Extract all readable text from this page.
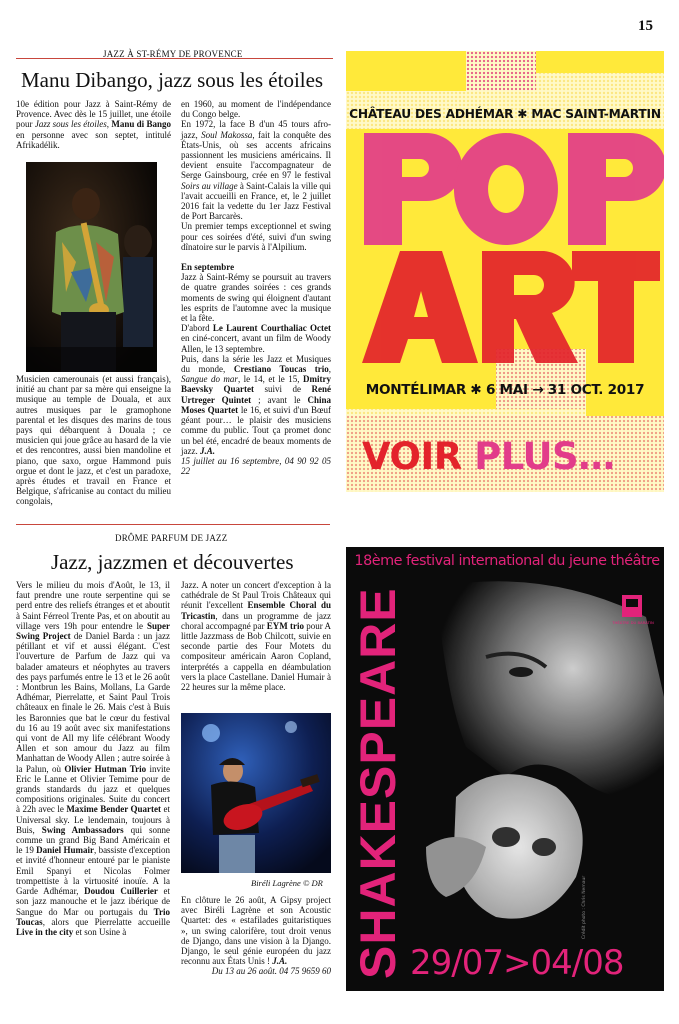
15
JAZZ À ST-RÉMY DE PROVENCE
Manu Dibango, jazz sous les étoiles

10e édition pour Jazz à Saint-Rémy de Provence. Avec dès le 15 juillet, une étoile pour Jazz sous les étoiles, Manu di Bango en personne avec son septet, intitulé Afrikadélik.

Musicien camerounais (et aussi français), initié au chant par sa mère qui enseigne la musique au temple de Douala, et aux autres musiques par le gramophone parental et les disques des marins de tous pays qui débarquent à Douala ; ce musicien qui joue grâce au hasard de la vie et des rencontres, aussi bien mandoline et piano, que saxo, orgue Hammond puis orgue et dont le jazz, et c'est un paradoxe, après études et travail en France et Belgique, s'africanise au contact du milieu congolais,

en 1960, au moment de l'indépendance du Congo belge.

En 1972, la face B d'un 45 tours afro-jazz, Soul Makossa, fait la conquête des États-Unis, où ses accents africains passionnent les musiciens américains. Il devient ensuite l'accompagnateur de Serge Gainsbourg, crée en 97 le festival Soirs au village à Saint-Calais la ville qui l'avait accueilli en France, et, le 2 juillet 2016 fait la vedette du 1er Jazz Festival de Port Barcarès.

Un premier temps exceptionnel et swing pour ces soirées d'été, suivi d'un swing dînatoire sur le parvis à l'Alpilium.

En septembre

Jazz à Saint-Rémy se poursuit au travers de quatre grandes soirées : ces grands moments de swing qui éloignent d'autant les esprits de l'automne avec la musique et la fête.

D'abord Le Laurent Courthaliac Octet en ciné-concert, avant un film de Woody Allen, le 13 septembre.

Puis, dans la série les Jazz et Musiques du monde, Crestiano Toucas trio, Sangue do mar, le 14, et le 15, Dmitry Baevsky Quartet suivi de René Urtreger Quintet ; avant le China Moses Quartet le 16, et suivi d'un Bœuf géant pour… le plaisir des musiciens comme du public. Tout ça promet donc un bel été, encadré de beaux moments de jazz. J.A.

15 juillet au 16 septembre, 04 90 92 05 22

CHÂTEAU DES ADHÉMAR ✱ MAC SAINT-MARTIN
MONTÉLIMAR ✱ 6 MAI → 31 OCT. 2017
VOIR PLUS…
DRÔME PARFUM DE JAZZ
Jazz, jazzmen et découvertes

Vers le milieu du mois d'Août, le 13, il faut prendre une route serpentine qui se perd entre des reliefs étranges et et aboutit à Saint Férreol Trente Pas, et on aboutit au village vers 19h pour entendre le Super Swing Project de Daniel Barda : un jazz pétillant et vif et aussi élégant. C'est l'ouverture de Parfum de Jazz qui va balader amateurs et néophytes au travers des pays parfumés entre le 13 et le 26 août : Montbrun les Bains, Mollans, La Garde Adhémar, Pierrelatte, et Saint Paul Trois châteaux en finale le 26. Mais c'est à Buis les Baronnies que bat le cœur du festival du 16 au 19 août avec six manifestations qui vont de All my life célébrant Woody Allen et son amour du Jazz au film Manhattan de Woody Allen ; autre soirée à la Palun, où Olivier Hutman Trio invite Eric le Lanne et Olivier Temime pour de grands standards du jazz et quelques compositions originales. Suite du concert à 22h avec le Maxime Bender Quartet et Universal sky. Le lendemain, toujours à Buis, Swing Ambassadors qui sonne comme un grand Big Band Américain et le 19 Daniel Humair, bassiste d'exception et invité d'honneur entouré par le pianiste Emil Spanyi et Nicolas Folmer trompettiste à la virtuosité inouïe. A la Garde Adhémar, Doudou Cuillerier et son jazz manouche et le jazz ibérique de Sangue do Mar ou portugais du Trio Toucas, alors que Pierrelatte accueille Live in the city et son Usine à

Jazz. A noter un concert d'exception à la cathédrale de St Paul Trois Châteaux qui réunit l'excellent Ensemble Choral du Tricastin, dans un programme de jazz choral accompagné par EYM trio pour A little Jazzmass de Bob Chilcott, suivie en seconde partie des Four Motets du compositeur américain Aaron Copland, interprétés a cappella en déambulation vers la place Castellane. Daniel Humair à 22 heures sur la même place.

Biréli Lagrène © DR

En clôture le 26 août, A Gipsy project avec Biréli Lagrène et son Acoustic Quartet: des « estafilades guitaristiques », un swing calorifère, tout droit venus de Django, dans une vision à la Django. Django, le seul génie européen du jazz reconnu aux États Unis ! J.A.

Du 13 au 26 août. 04 75 9659 60

18ème festival international du jeune théâtre
THÉÂTRE DU BARATIN
SHAKESPEARE 29/07>04/08
Crédit photo : Chris Nemaur
